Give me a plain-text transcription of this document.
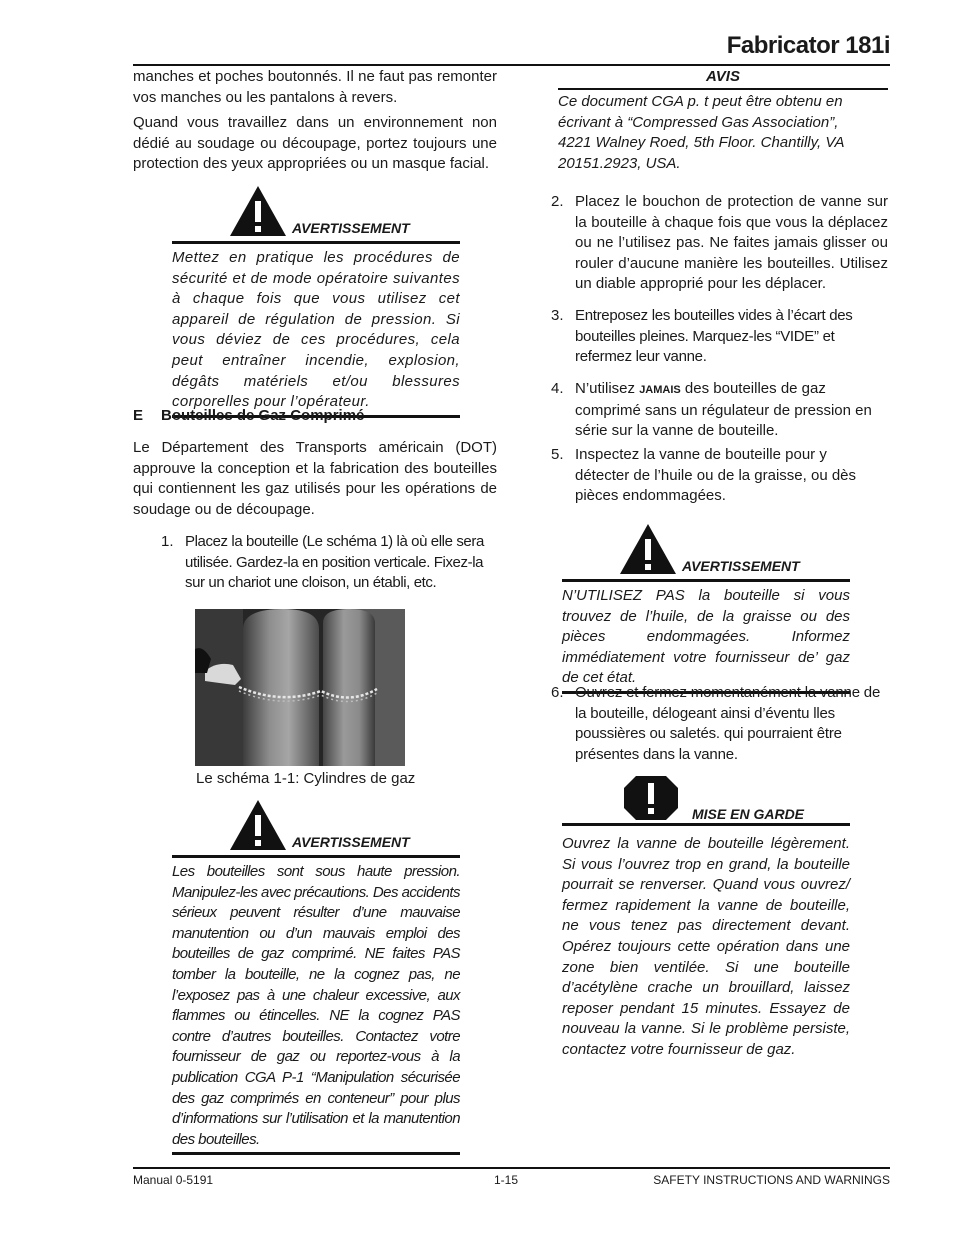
Fabricator 181i

manches et poches boutonnés. Il ne faut pas remonter vos manches ou les pantalons à revers.

Quand vous travaillez dans un environnement non dédié au soudage ou découpage, portez toujours une protection des yeux appropriées ou un masque facial.

AVERTISSEMENT

Mettez en pratique les procédures de sécurité et de mode opératoire suivantes à chaque fois que vous utilisez cet appareil de régulation de pression. Si vous déviez de ces procédures, cela peut entraîner incendie, explosion, dégâts matériels et/ou blessures corporelles pour l’opérateur.

E Bouteilles de Gaz Comprimé

Le Département des Transports américain (DOT) approuve la conception et la fabrication des bouteilles qui contiennent les gaz utilisés pour les opérations de soudage ou de découpage.

1. Placez la bouteille (Le schéma 1) là où elle sera utilisée. Gardez-la en position verticale. Fixez-la sur un chariot une cloison, un établi, etc.
Le schéma 1-1: Cylindres de gaz
AVERTISSEMENT

Les bouteilles sont sous haute pression. Manipulez-les avec précautions. Des accidents sérieux peuvent résulter d’une mauvaise manutention ou d’un mauvais emploi des bouteilles de gaz comprimé. NE faites PAS tomber la bouteille, ne la cognez pas, ne l’exposez pas à une chaleur excessive, aux flammes ou étincelles. NE la cognez PAS contre d’autres bouteilles. Contactez votre fournisseur de gaz ou reportez-vous à la publication CGA P-1 “Manipulation sécurisée des gaz comprimés en conteneur” pour plus d’informations sur l’utilisation et la manutention des bouteilles.

AVIS

Ce document CGA p. t peut être obtenu en écrivant à “Compressed Gas Association”, 4221 Walney Roed, 5th Floor. Chantilly, VA 20151.2923, USA.

2. Placez le bouchon de protection de vanne sur la bouteille à chaque fois que vous la déplacez ou ne l’utilisez pas. Ne faites jamais glisser ou rouler d’aucune manière les bouteilles. Utilisez un diable approprié pour les déplacer.
3. Entreposez les bouteilles vides à l’écart des bouteilles pleines. Marquez-les “VIDE” et refermez leur vanne.
4. N’utilisez JAMAIS des bouteilles de gaz comprimé sans un régulateur de pression en série sur la vanne de bouteille.
5. Inspectez la vanne de bouteille pour y détecter de l’huile ou de la graisse, ou dès pièces endommagées.
AVERTISSEMENT

N’UTILISEZ PAS la bouteille si vous trouvez de l’huile, de la graisse ou des pièces endommagées. Informez immédiatement votre fournisseur de’ gaz de cet état.

6. Ouvrez et fermez momentanément la vanne de la bouteille, délogeant ainsi d’éventu lles poussières ou saletés. qui pourraient être présentes dans la vanne.
MISE EN GARDE

Ouvrez la vanne de bouteille légèrement. Si vous l’ouvrez trop en grand, la bouteille pourrait se renverser. Quand vous ouvrez/ fermez rapidement la vanne de bouteille, ne vous tenez pas directement devant. Opérez toujours cette opération dans une zone bien ventilée. Si une bouteille d’acétylène crache un brouillard, laissez reposer pendant 15 minutes. Essayez de nouveau la vanne. Si le problème persiste, contactez votre fournisseur de gaz.

Manual 0-5191	1-15	SAFETY INSTRUCTIONS AND WARNINGS
